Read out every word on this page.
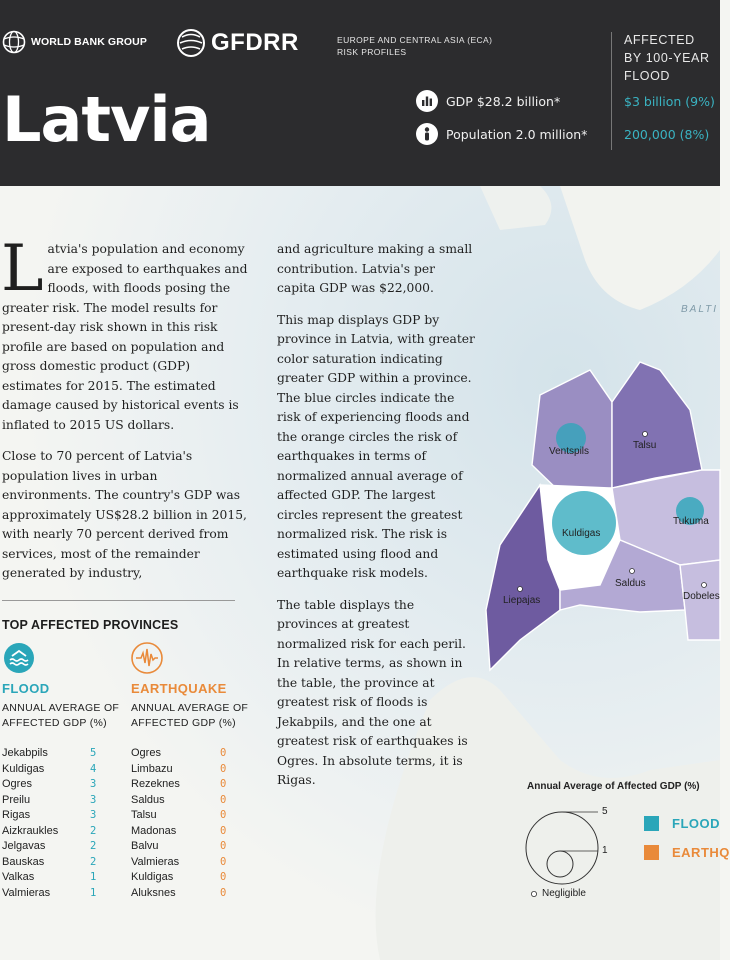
WORLD BANK GROUP	GFDRR	EUROPE AND CENTRAL ASIA (ECA)
RISK PROFILES
Latvia	GDP $28.2 billion*
Population 2.0 million*
AFFECTED
BY 100-YEAR
FLOOD
$3 billion (9%)
200,000 (8%)
BALTI
Ventspils
Talsu
Kuldigas
Tukuma
Liepajas
Saldus
Dobeles

Latvia's population and economy are exposed to earthquakes and floods, with floods posing the greater risk. The model results for present-day risk shown in this risk profile are based on population and gross domestic product (GDP) estimates for 2015. The estimated damage caused by historical events is inflated to 2015 US dollars.

Close to 70 percent of Latvia's population lives in urban environments. The country's GDP was approximately US$28.2 billion in 2015, with nearly 70 percent derived from services, most of the remainder generated by industry,

and agriculture making a small contribution. Latvia's per capita GDP was $22,000.

This map displays GDP by province in Latvia, with greater color saturation indicating greater GDP within a province. The blue circles indicate the risk of experiencing floods and the orange circles the risk of earthquakes in terms of normalized annual average of affected GDP. The largest circles represent the greatest normalized risk. The risk is estimated using flood and earthquake risk models.

The table displays the provinces at greatest normalized risk for each peril. In relative terms, as shown in the table, the province at greatest risk of floods is Jekabpils, and the one at greatest risk of earthquakes is Ogres. In absolute terms, it is Rigas.

TOP AFFECTED PROVINCES
FLOOD	EARTHQUAKE
ANNUAL AVERAGE OF
AFFECTED GDP (%)
ANNUAL AVERAGE OF
AFFECTED GDP (%)
Jekabpils	5
Kuldigas	4
Ogres	3
Preilu	3
Rigas	3
Aizkraukles	2
Jelgavas	2
Bauskas	2
Valkas	1
Valmieras	1
Ogres	0
Limbazu	0
Rezeknes	0
Saldus	0
Talsu	0
Madonas	0
Balvu	0
Valmieras	0
Kuldigas	0
Aluksnes	0
Annual Average of Affected GDP (%)
5
1
Negligible
FLOOD
EARTHQ
